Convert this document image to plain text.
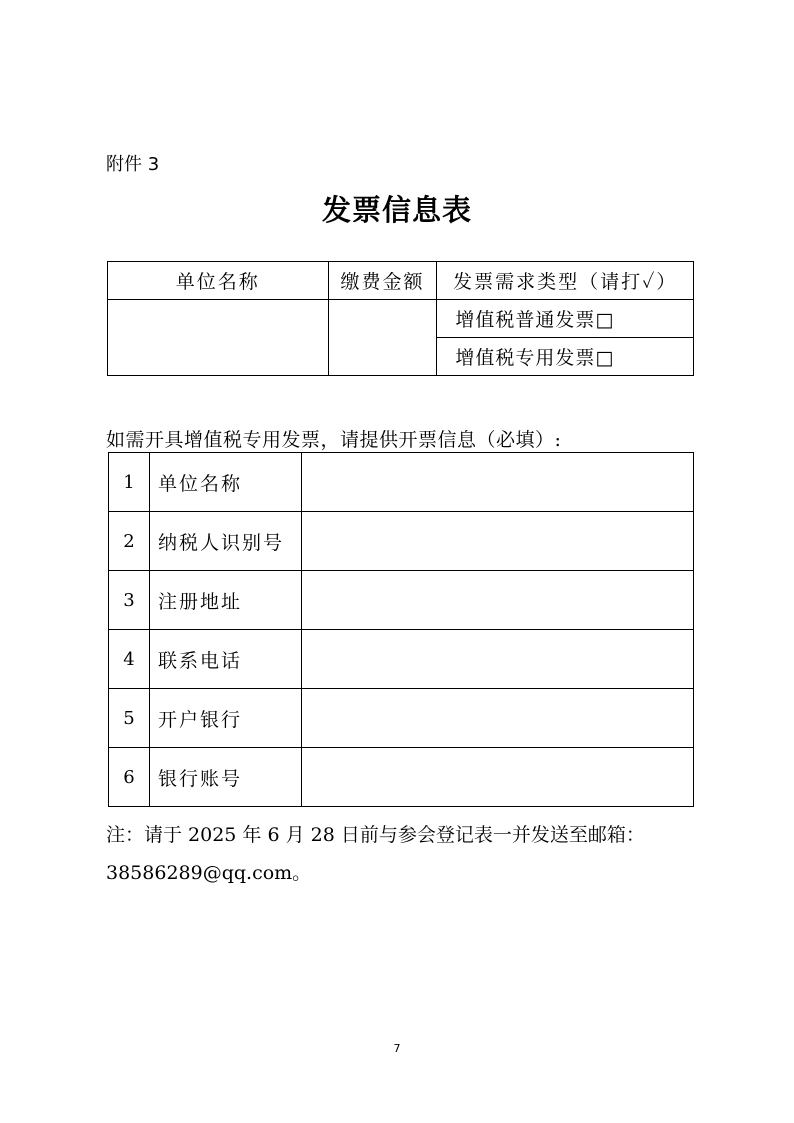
附件 3
发票信息表
单位名称	缴费金额	发票需求类型（请打✓）
		增值税普通发票□
		增值税专用发票□
如需开具增值税专用发票，请提供开票信息（必填）:
1	单位名称	
2	纳税人识别号	
3	注册地址	
4	联系电话	
5	开户银行	
6	银行账号	
注：请于 2025 年 6 月 28 日前与参会登记表一并发送至邮箱：
38586289@qq.com。
7
